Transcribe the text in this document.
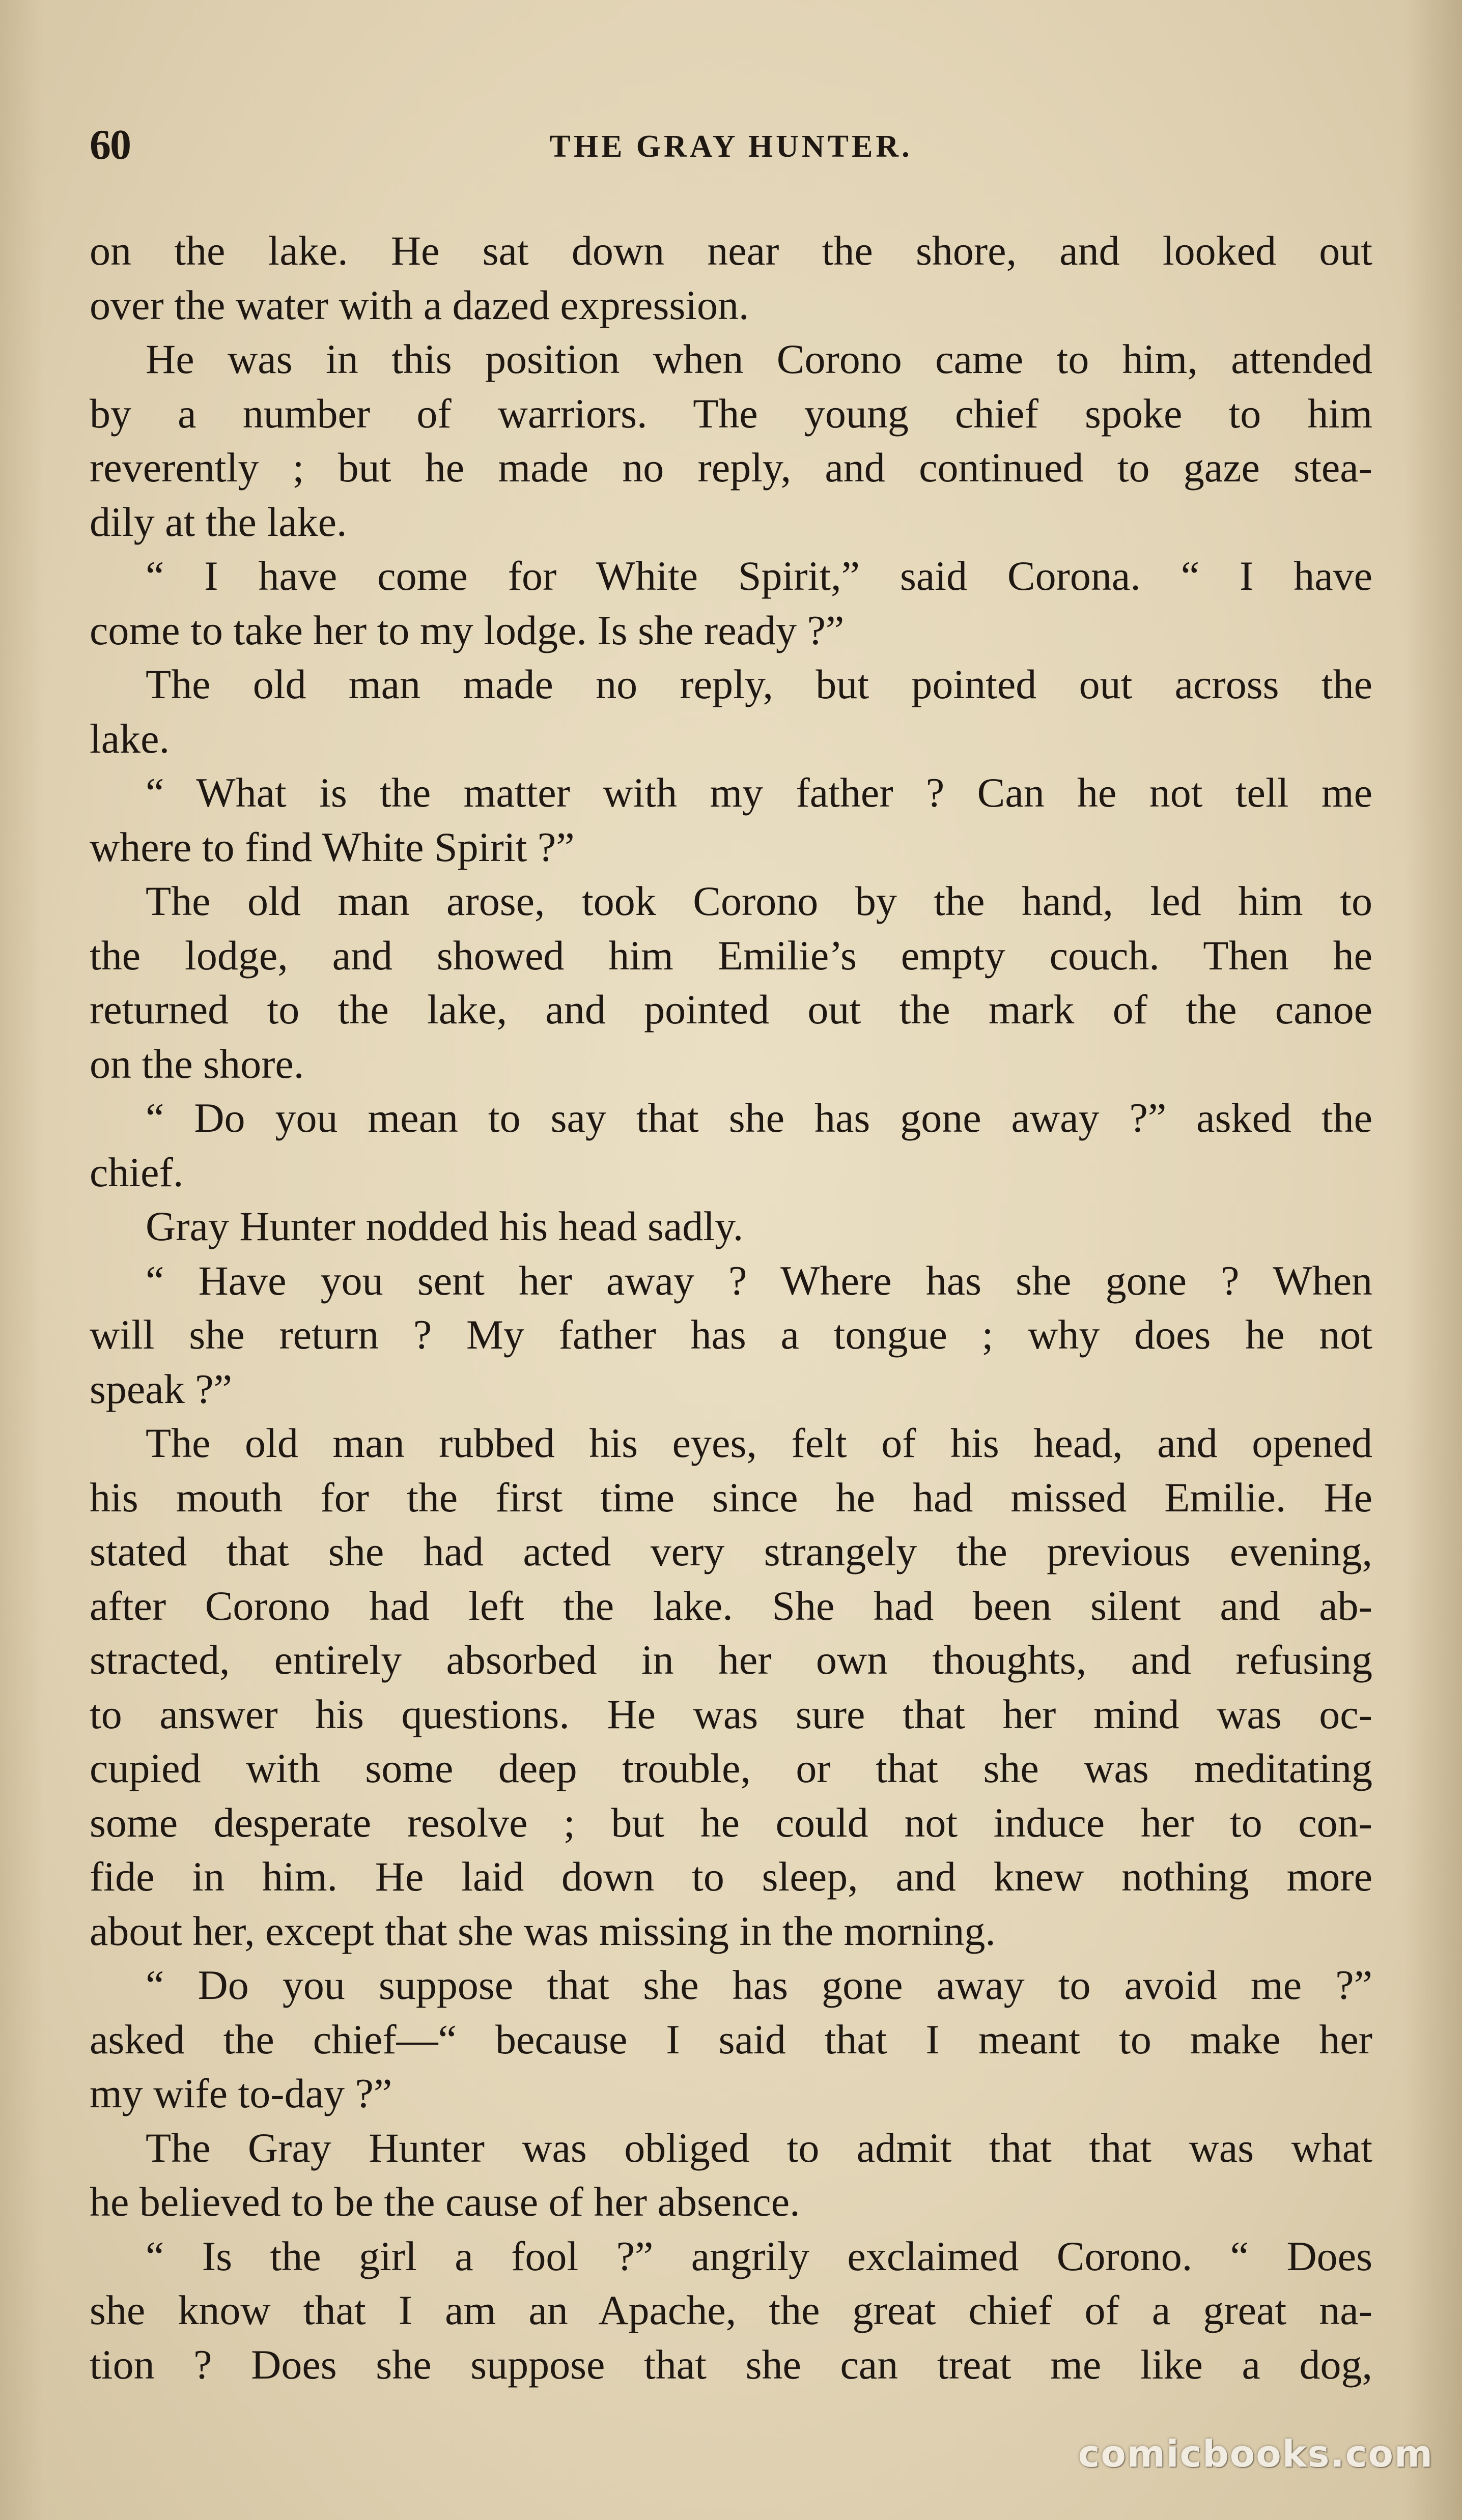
60	THE GRAY HUNTER.
on the lake. He sat down near the shore, and looked out
over the water with a dazed expression.
He was in this position when Corono came to him, attended
by a number of warriors. The young chief spoke to him
reverently ; but he made no reply, and continued to gaze stea-
dily at the lake.
“ I have come for White Spirit,” said Corona. “ I have
come to take her to my lodge. Is she ready ?”
The old man made no reply, but pointed out across the
lake.
“ What is the matter with my father ? Can he not tell me
where to find White Spirit ?”
The old man arose, took Corono by the hand, led him to
the lodge, and showed him Emilie’s empty couch. Then he
returned to the lake, and pointed out the mark of the canoe
on the shore.
“ Do you mean to say that she has gone away ?” asked the
chief.
Gray Hunter nodded his head sadly.
“ Have you sent her away ? Where has she gone ? When
will she return ? My father has a tongue ; why does he not
speak ?”
The old man rubbed his eyes, felt of his head, and opened
his mouth for the first time since he had missed Emilie. He
stated that she had acted very strangely the previous evening,
after Corono had left the lake. She had been silent and ab-
stracted, entirely absorbed in her own thoughts, and refusing
to answer his questions. He was sure that her mind was oc-
cupied with some deep trouble, or that she was meditating
some desperate resolve ; but he could not induce her to con-
fide in him. He laid down to sleep, and knew nothing more
about her, except that she was missing in the morning.
“ Do you suppose that she has gone away to avoid me ?”
asked the chief—“ because I said that I meant to make her
my wife to-day ?”
The Gray Hunter was obliged to admit that that was what
he believed to be the cause of her absence.
“ Is the girl a fool ?” angrily exclaimed Corono. “ Does
she know that I am an Apache, the great chief of a great na-
tion ? Does she suppose that she can treat me like a dog,
comicbooks.com
